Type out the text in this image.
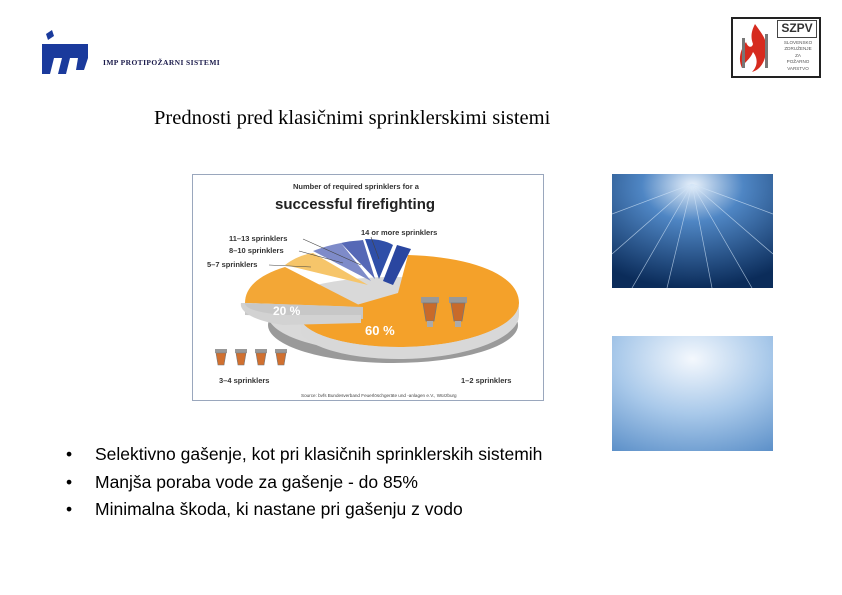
IMP PROTIPOŽARNI SISTEMI
SZPV
SLOVENSKO
ZDRUŽENJE
ZA
POŽARNO
VARSTVO
Prednosti pred klasičnimi sprinklerskimi sistemi
Number of required sprinklers for a
successful firefighting
20 %
60 %
14 or more sprinklers
11–13 sprinklers
8–10 sprinklers
5–7 sprinklers
3–4 sprinklers	1–2 sprinklers
Source: bvfs Bundesverband Feuerlöschgeräte und -anlagen e.V., Würzburg
• Selektivno gašenje, kot pri klasičnih sprinklerskih sistemih
• Manjša poraba vode za gašenje - do 85%
• Minimalna škoda, ki nastane pri gašenju z vodo
